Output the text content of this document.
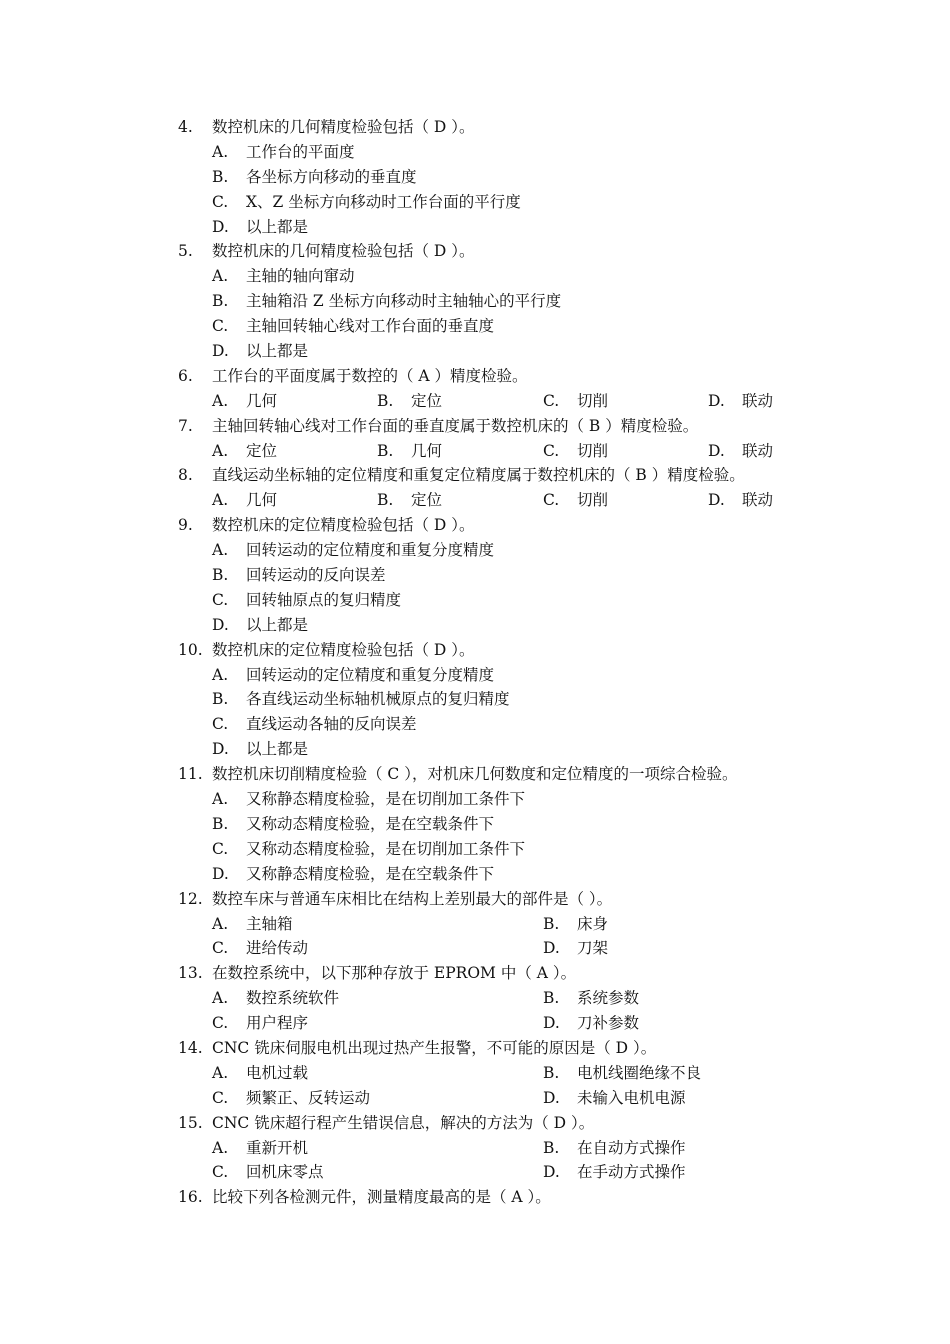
4. 数控机床的几何精度检验包括（ D ）。
A. 工作台的平面度
B. 各坐标方向移动的垂直度
C. X、Z 坐标方向移动时工作台面的平行度
D. 以上都是
5. 数控机床的几何精度检验包括（ D ）。
A. 主轴的轴向窜动
B. 主轴箱沿 Z 坐标方向移动时主轴轴心的平行度
C. 主轴回转轴心线对工作台面的垂直度
D. 以上都是
6. 工作台的平面度属于数控的（ A ）精度检验。
A. 几何	B. 定位	C. 切削	D. 联动
7. 主轴回转轴心线对工作台面的垂直度属于数控机床的（ B ）精度检验。
A. 定位	B. 几何	C. 切削	D. 联动
8. 直线运动坐标轴的定位精度和重复定位精度属于数控机床的（ B ）精度检验。
A. 几何	B. 定位	C. 切削	D. 联动
9. 数控机床的定位精度检验包括（ D ）。
A. 回转运动的定位精度和重复分度精度
B. 回转运动的反向误差
C. 回转轴原点的复归精度
D. 以上都是
10. 数控机床的定位精度检验包括（ D ）。
A. 回转运动的定位精度和重复分度精度
B. 各直线运动坐标轴机械原点的复归精度
C. 直线运动各轴的反向误差
D. 以上都是
11. 数控机床切削精度检验（ C ），对机床几何数度和定位精度的一项综合检验。
A. 又称静态精度检验，是在切削加工条件下
B. 又称动态精度检验，是在空载条件下
C. 又称动态精度检验，是在切削加工条件下
D. 又称静态精度检验，是在空载条件下
12. 数控车床与普通车床相比在结构上差别最大的部件是（ ）。
A. 主轴箱	B. 床身
C. 进给传动	D. 刀架
13. 在数控系统中，以下那种存放于 EPROM 中（ A ）。
A. 数控系统软件	B. 系统参数
C. 用户程序	D. 刀补参数
14. CNC 铣床伺服电机出现过热产生报警，不可能的原因是（ D ）。
A. 电机过载	B. 电机线圈绝缘不良
C. 频繁正、反转运动	D. 未输入电机电源
15. CNC 铣床超行程产生错误信息，解决的方法为（ D ）。
A. 重新开机	B. 在自动方式操作
C. 回机床零点	D. 在手动方式操作
16. 比较下列各检测元件，测量精度最高的是（ A ）。
